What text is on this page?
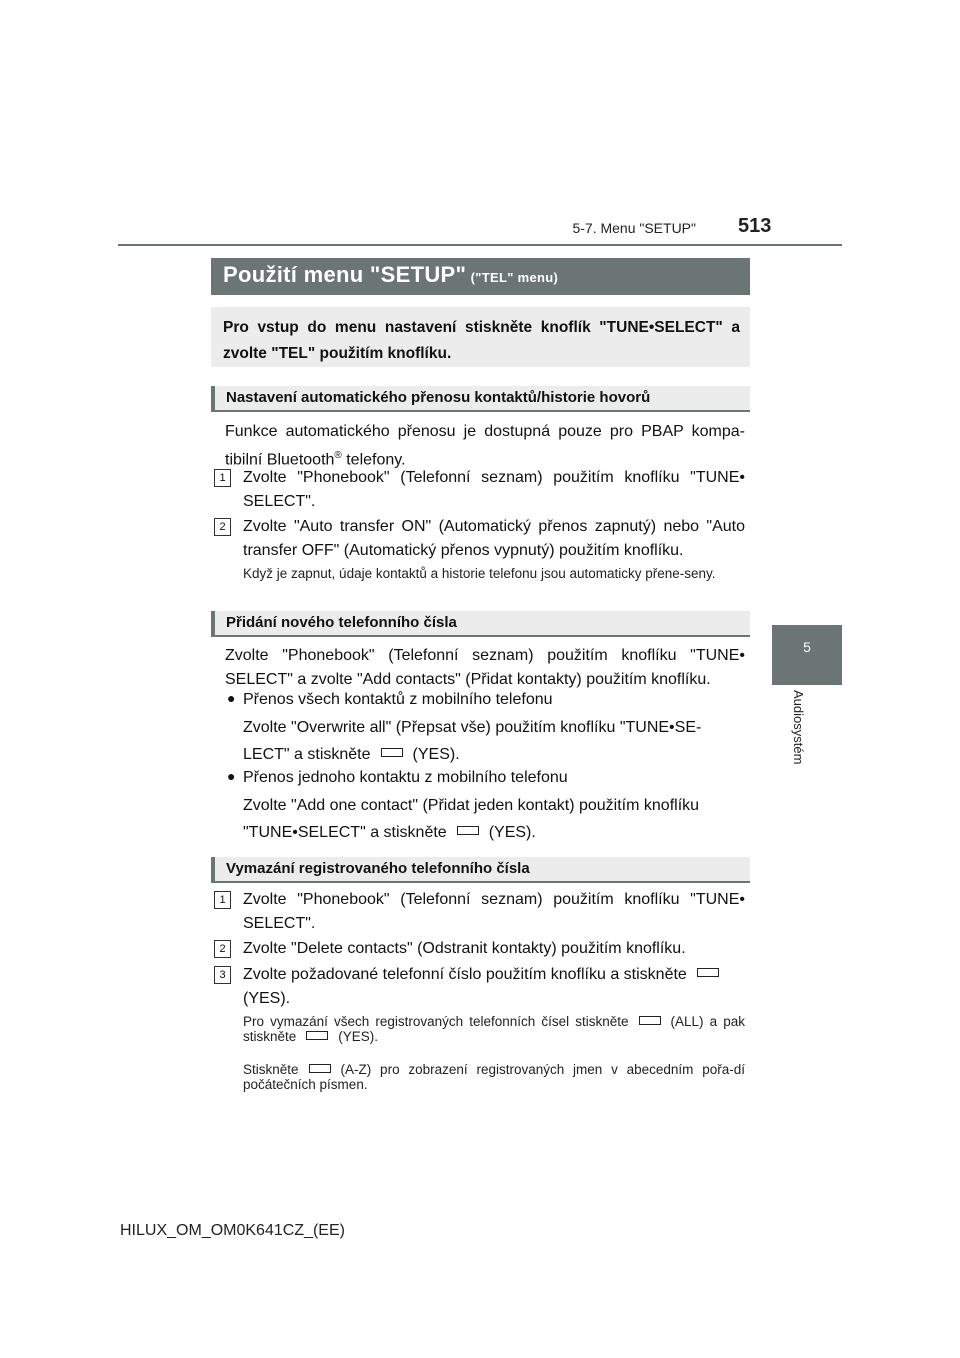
5-7. Menu "SETUP" 513
5
Audiosystém
Použití menu "SETUP" ("TEL" menu)
Pro vstup do menu nastavení stiskněte knoflík "TUNE•SELECT" a zvolte "TEL" použitím knoflíku.
Nastavení automatického přenosu kontaktů/historie hovorů
Funkce automatického přenosu je dostupná pouze pro PBAP kompa-tibilní Bluetooth® telefony.
1	Zvolte "Phonebook" (Telefonní seznam) použitím knoflíku "TUNE• SELECT".
2	Zvolte "Auto transfer ON" (Automatický přenos zapnutý) nebo "Auto transfer OFF" (Automatický přenos vypnutý) použitím knoflíku.
Když je zapnut, údaje kontaktů a historie telefonu jsou automaticky přene-seny.
Přidání nového telefonního čísla
Zvolte "Phonebook" (Telefonní seznam) použitím knoflíku "TUNE• SELECT" a zvolte "Add contacts" (Přidat kontakty) použitím knoflíku.
● Přenos všech kontaktů z mobilního telefonu
Zvolte "Overwrite all" (Přepsat vše) použitím knoflíku "TUNE•SE-
LECT" a stiskněte	(YES).
● Přenos jednoho kontaktu z mobilního telefonu
Zvolte "Add one contact" (Přidat jeden kontakt) použitím knoflíku
"TUNE•SELECT" a stiskněte	(YES).
Vymazání registrovaného telefonního čísla
1	Zvolte "Phonebook" (Telefonní seznam) použitím knoflíku "TUNE• SELECT".
2	Zvolte "Delete contacts" (Odstranit kontakty) použitím knoflíku.
3	Zvolte požadované telefonní číslo použitím knoflíku a stiskněte
(YES).
Pro vymazání všech registrovaných telefonních čísel stiskněte	(ALL) a pak stiskněte	(YES).
Stiskněte	(A-Z) pro zobrazení registrovaných jmen v abecedním pořa-dí počátečních písmen.
HILUX_OM_OM0K641CZ_(EE)
